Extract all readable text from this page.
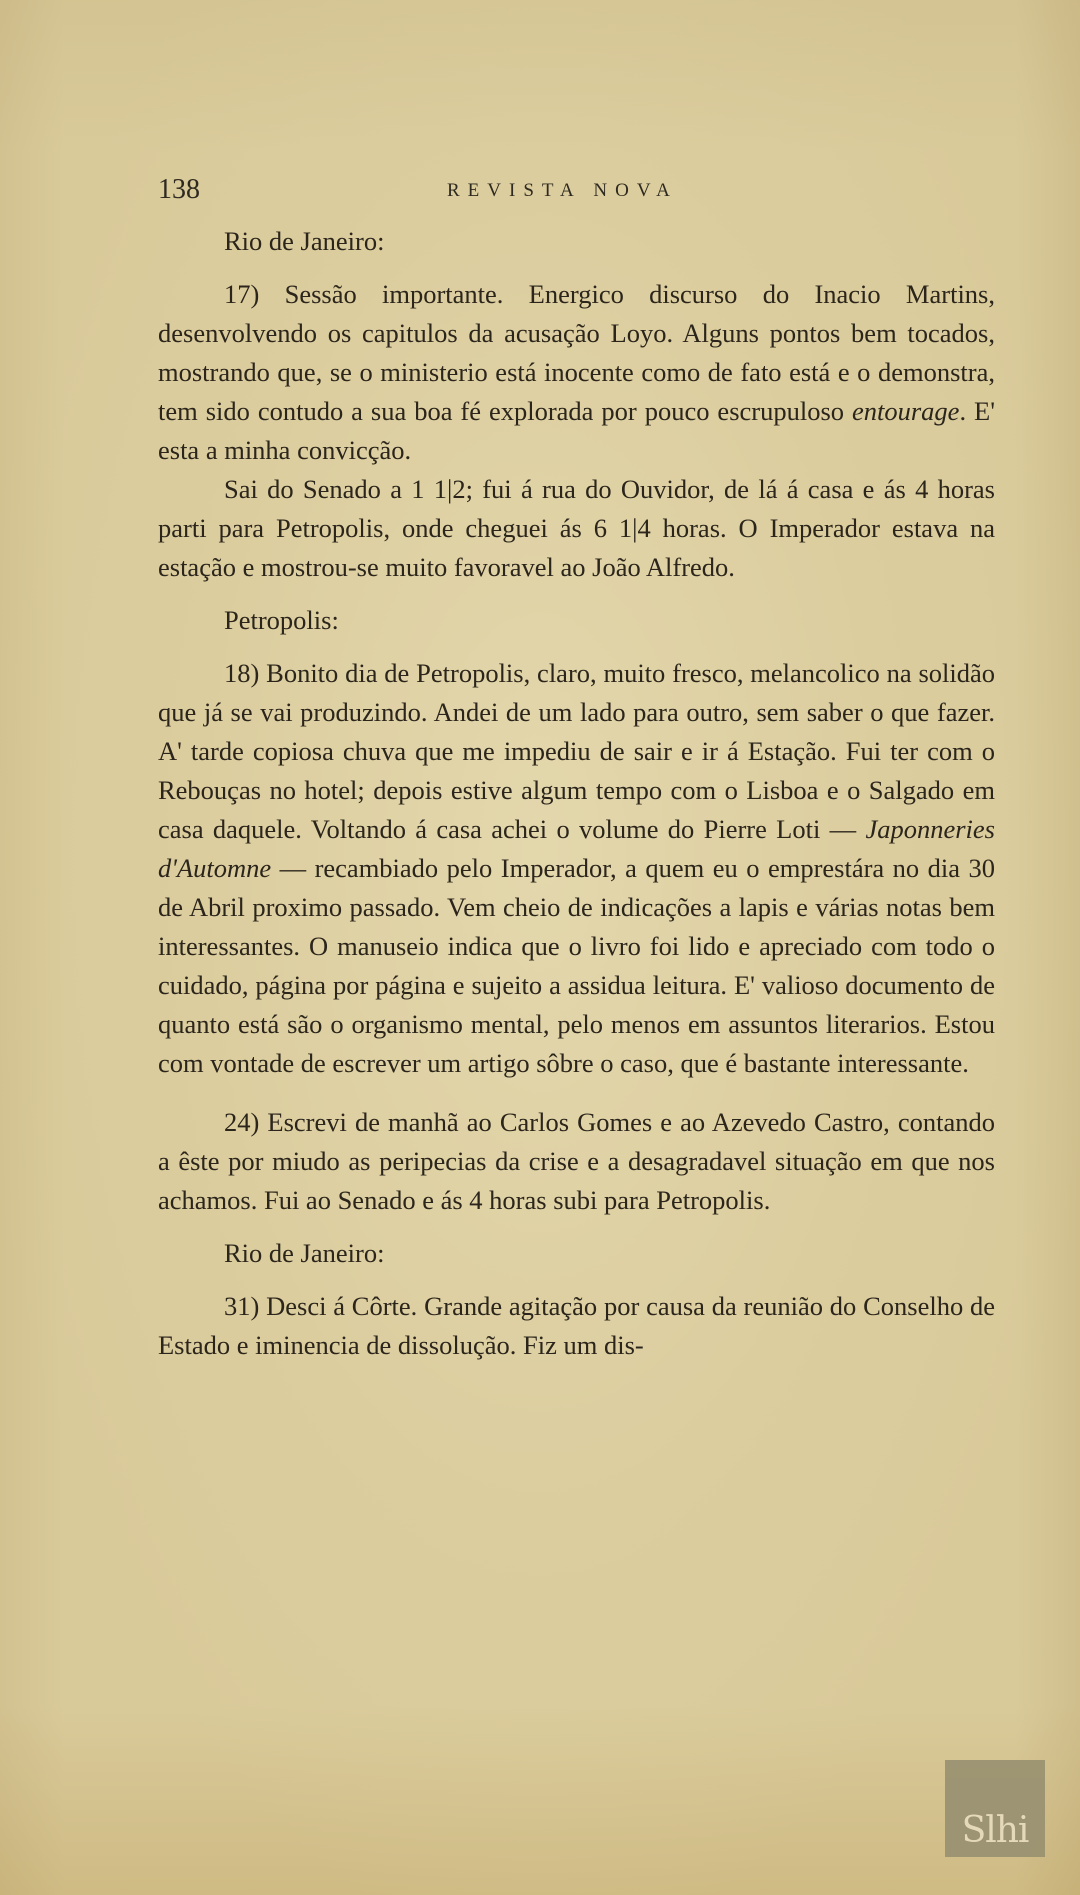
138	REVISTA NOVA

Rio de Janeiro:

17) Sessão importante. Energico discurso do Inacio Martins, desenvolvendo os capitulos da acusação Loyo. Alguns pontos bem tocados, mostrando que, se o ministerio está inocente como de fato está e o demonstra, tem sido contudo a sua boa fé explorada por pouco escrupuloso entourage. E' esta a minha convicção.

Sai do Senado a 1 1|2; fui á rua do Ouvidor, de lá á casa e ás 4 horas parti para Petropolis, onde cheguei ás 6 1|4 horas. O Imperador estava na estação e mostrou-se muito favoravel ao João Alfredo.

Petropolis:

18) Bonito dia de Petropolis, claro, muito fresco, melancolico na solidão que já se vai produzindo. Andei de um lado para outro, sem saber o que fazer. A' tarde copiosa chuva que me impediu de sair e ir á Estação. Fui ter com o Rebouças no hotel; depois estive algum tempo com o Lisboa e o Salgado em casa daquele. Voltando á casa achei o volume do Pierre Loti — Japonneries d'Automne — recambiado pelo Imperador, a quem eu o emprestára no dia 30 de Abril proximo passado. Vem cheio de indicações a lapis e várias notas bem interessantes. O manuseio indica que o livro foi lido e apreciado com todo o cuidado, página por página e sujeito a assidua leitura. E' valioso documento de quanto está são o organismo mental, pelo menos em assuntos literarios. Estou com vontade de escrever um artigo sôbre o caso, que é bastante interessante.

24) Escrevi de manhã ao Carlos Gomes e ao Azevedo Castro, contando a êste por miudo as peripecias da crise e a desagradavel situação em que nos achamos. Fui ao Senado e ás 4 horas subi para Petropolis.

Rio de Janeiro:

31) Desci á Côrte. Grande agitação por causa da reunião do Conselho de Estado e iminencia de dissolução. Fiz um dis-

Slhi
